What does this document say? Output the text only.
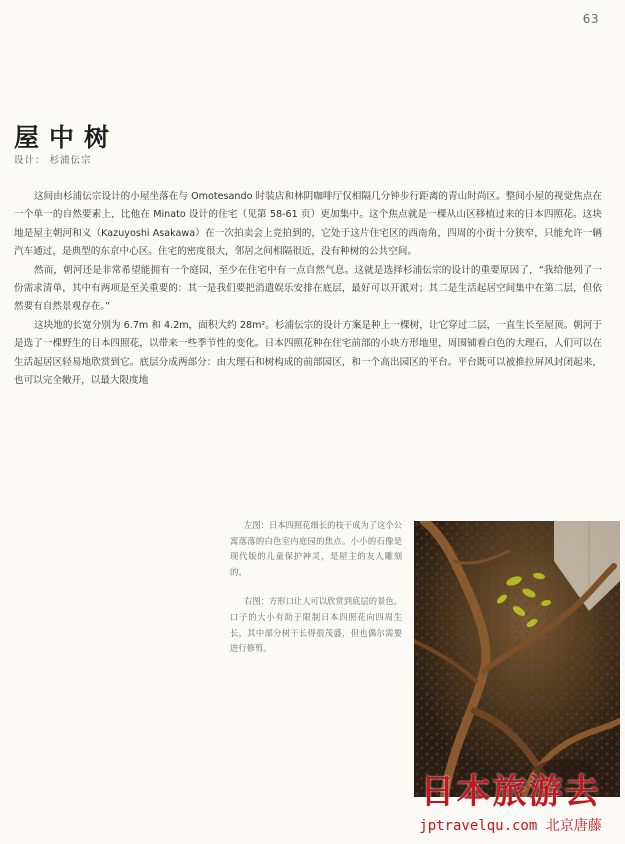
63
屋中树
设计： 杉浦伝宗

这间由杉浦伝宗设计的小屋坐落在与 Omotesando 时装店和林阴咖啡厅仅相隔几分钟步行距离的青山时尚区。整间小屋的视觉焦点在一个单一的自然要素上，比他在 Minato 设计的住宅（见第 58-61 页）更加集中。这个焦点就是一棵从山区移植过来的日本四照花。这块地是屋主朝河和义（Kazuyoshi Asakawa）在一次拍卖会上竞拍到的，它处于这片住宅区的西南角，四周的小街十分狭窄，只能允许一辆汽车通过，是典型的东京中心区。住宅的密度很大，邻居之间相隔很近，没有种树的公共空间。

然而，朝河还是非常希望能拥有一个庭园，至少在住宅中有一点自然气息。这就是选择杉浦伝宗的设计的重要原因了，“我给他列了一份需求清单，其中有两项是至关重要的：其一是我们要把消遣娱乐安排在底层，最好可以开派对；其二是生活起居空间集中在第二层，但依然要有自然景观存在。”

这块地的长宽分别为 6.7m 和 4.2m，面积大约 28m²。杉浦伝宗的设计方案是种上一棵树，让它穿过二层，一直生长至屋顶。朝河于是选了一棵野生的日本四照花，以带来一些季节性的变化。日本四照花种在住宅前部的小块方形地里，周围铺着白色的大理石，人们可以在生活起居区轻易地欣赏到它。底层分成两部分：由大理石和树构成的前部园区，和一个高出园区的平台。平台既可以被推拉屏风封闭起来，也可以完全敞开，以最大限度地

左图：日本四照花细长的枝干成为了这个公寓落落的白色室内庭园的焦点。小小的石像是现代版的儿童保护神灵，是屋主的友人雕刻的。

右图：方形口让人可以欣赏到底层的景色。口子的大小有助于限制日本四照花向四周生长，其中部分树干长得很茂盛，但也偶尔需要进行修剪。

日本旅游去
jptravelqu.com 北京唐藤
